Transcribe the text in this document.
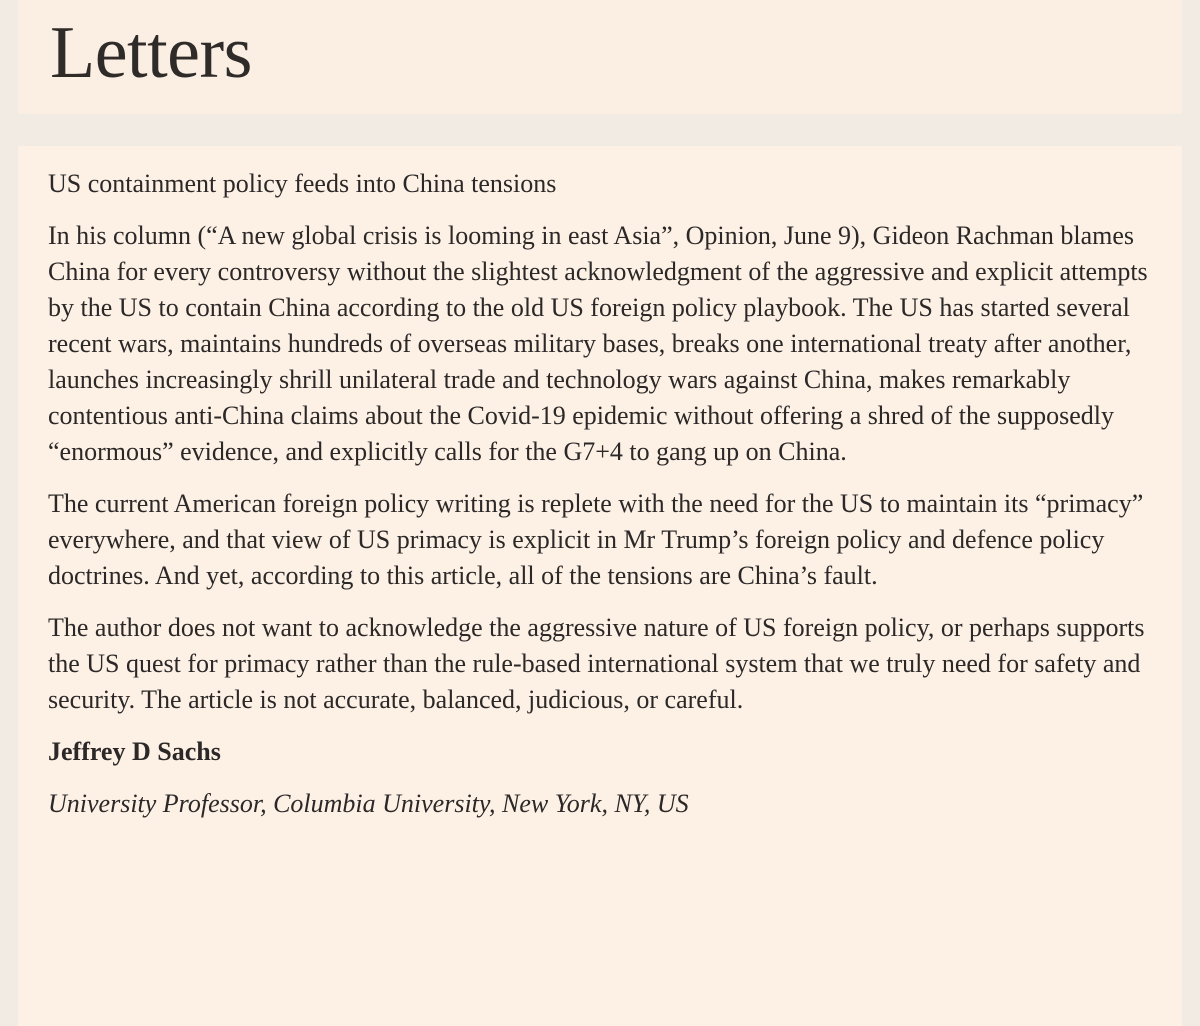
Letters

US containment policy feeds into China tensions

In his column (“A new global crisis is looming in east Asia”, Opinion, June 9), Gideon Rachman blames China for every controversy without the slightest acknowledgment of the aggressive and explicit attempts by the US to contain China according to the old US foreign policy playbook. The US has started several recent wars, maintains hundreds of overseas military bases, breaks one international treaty after another, launches increasingly shrill unilateral trade and technology wars against China, makes remarkably contentious anti-China claims about the Covid-19 epidemic without offering a shred of the supposedly “enormous” evidence, and explicitly calls for the G7+4 to gang up on China.

The current American foreign policy writing is replete with the need for the US to maintain its “primacy” everywhere, and that view of US primacy is explicit in Mr Trump’s foreign policy and defence policy doctrines. And yet, according to this article, all of the tensions are China’s fault.

The author does not want to acknowledge the aggressive nature of US foreign policy, or perhaps supports the US quest for primacy rather than the rule-based international system that we truly need for safety and security. The article is not accurate, balanced, judicious, or careful.

Jeffrey D Sachs

University Professor, Columbia University, New York, NY, US
